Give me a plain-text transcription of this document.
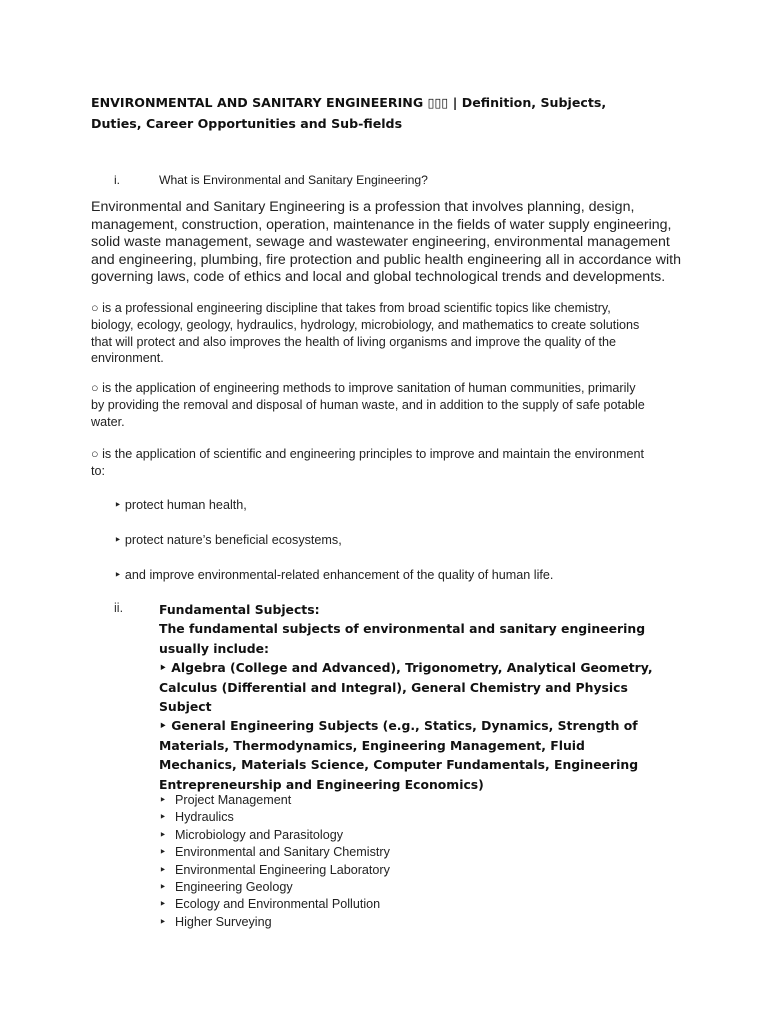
ENVIRONMENTAL AND SANITARY ENGINEERING ▯▯▯ | Definition, Subjects,
Duties, Career Opportunities and Sub-fields
i.	What is Environmental and Sanitary Engineering?
Environmental and Sanitary Engineering is a profession that involves planning, design,
management, construction, operation, maintenance in the fields of water supply engineering,
solid waste management, sewage and wastewater engineering, environmental management
and engineering, plumbing, fire protection and public health engineering all in accordance with
governing laws, code of ethics and local and global technological trends and developments.
○ is a professional engineering discipline that takes from broad scientific topics like chemistry,
biology, ecology, geology, hydraulics, hydrology, microbiology, and mathematics to create solutions
that will protect and also improves the health of living organisms and improve the quality of the
environment.
○ is the application of engineering methods to improve sanitation of human communities, primarily
by providing the removal and disposal of human waste, and in addition to the supply of safe potable
water.
○ is the application of scientific and engineering principles to improve and maintain the environment
to:
‣ protect human health,
‣ protect nature’s beneficial ecosystems,
‣ and improve environmental-related enhancement of the quality of human life.
ii.	Fundamental Subjects:
The fundamental subjects of environmental and sanitary engineering
usually include:
‣ Algebra (College and Advanced), Trigonometry, Analytical Geometry,
Calculus (Differential and Integral), General Chemistry and Physics
Subject
‣ General Engineering Subjects (e.g., Statics, Dynamics, Strength of
Materials, Thermodynamics, Engineering Management, Fluid
Mechanics, Materials Science, Computer Fundamentals, Engineering
Entrepreneurship and Engineering Economics)
‣ Project Management
‣ Hydraulics
‣ Microbiology and Parasitology
‣ Environmental and Sanitary Chemistry
‣ Environmental Engineering Laboratory
‣ Engineering Geology
‣ Ecology and Environmental Pollution
‣ Higher Surveying
